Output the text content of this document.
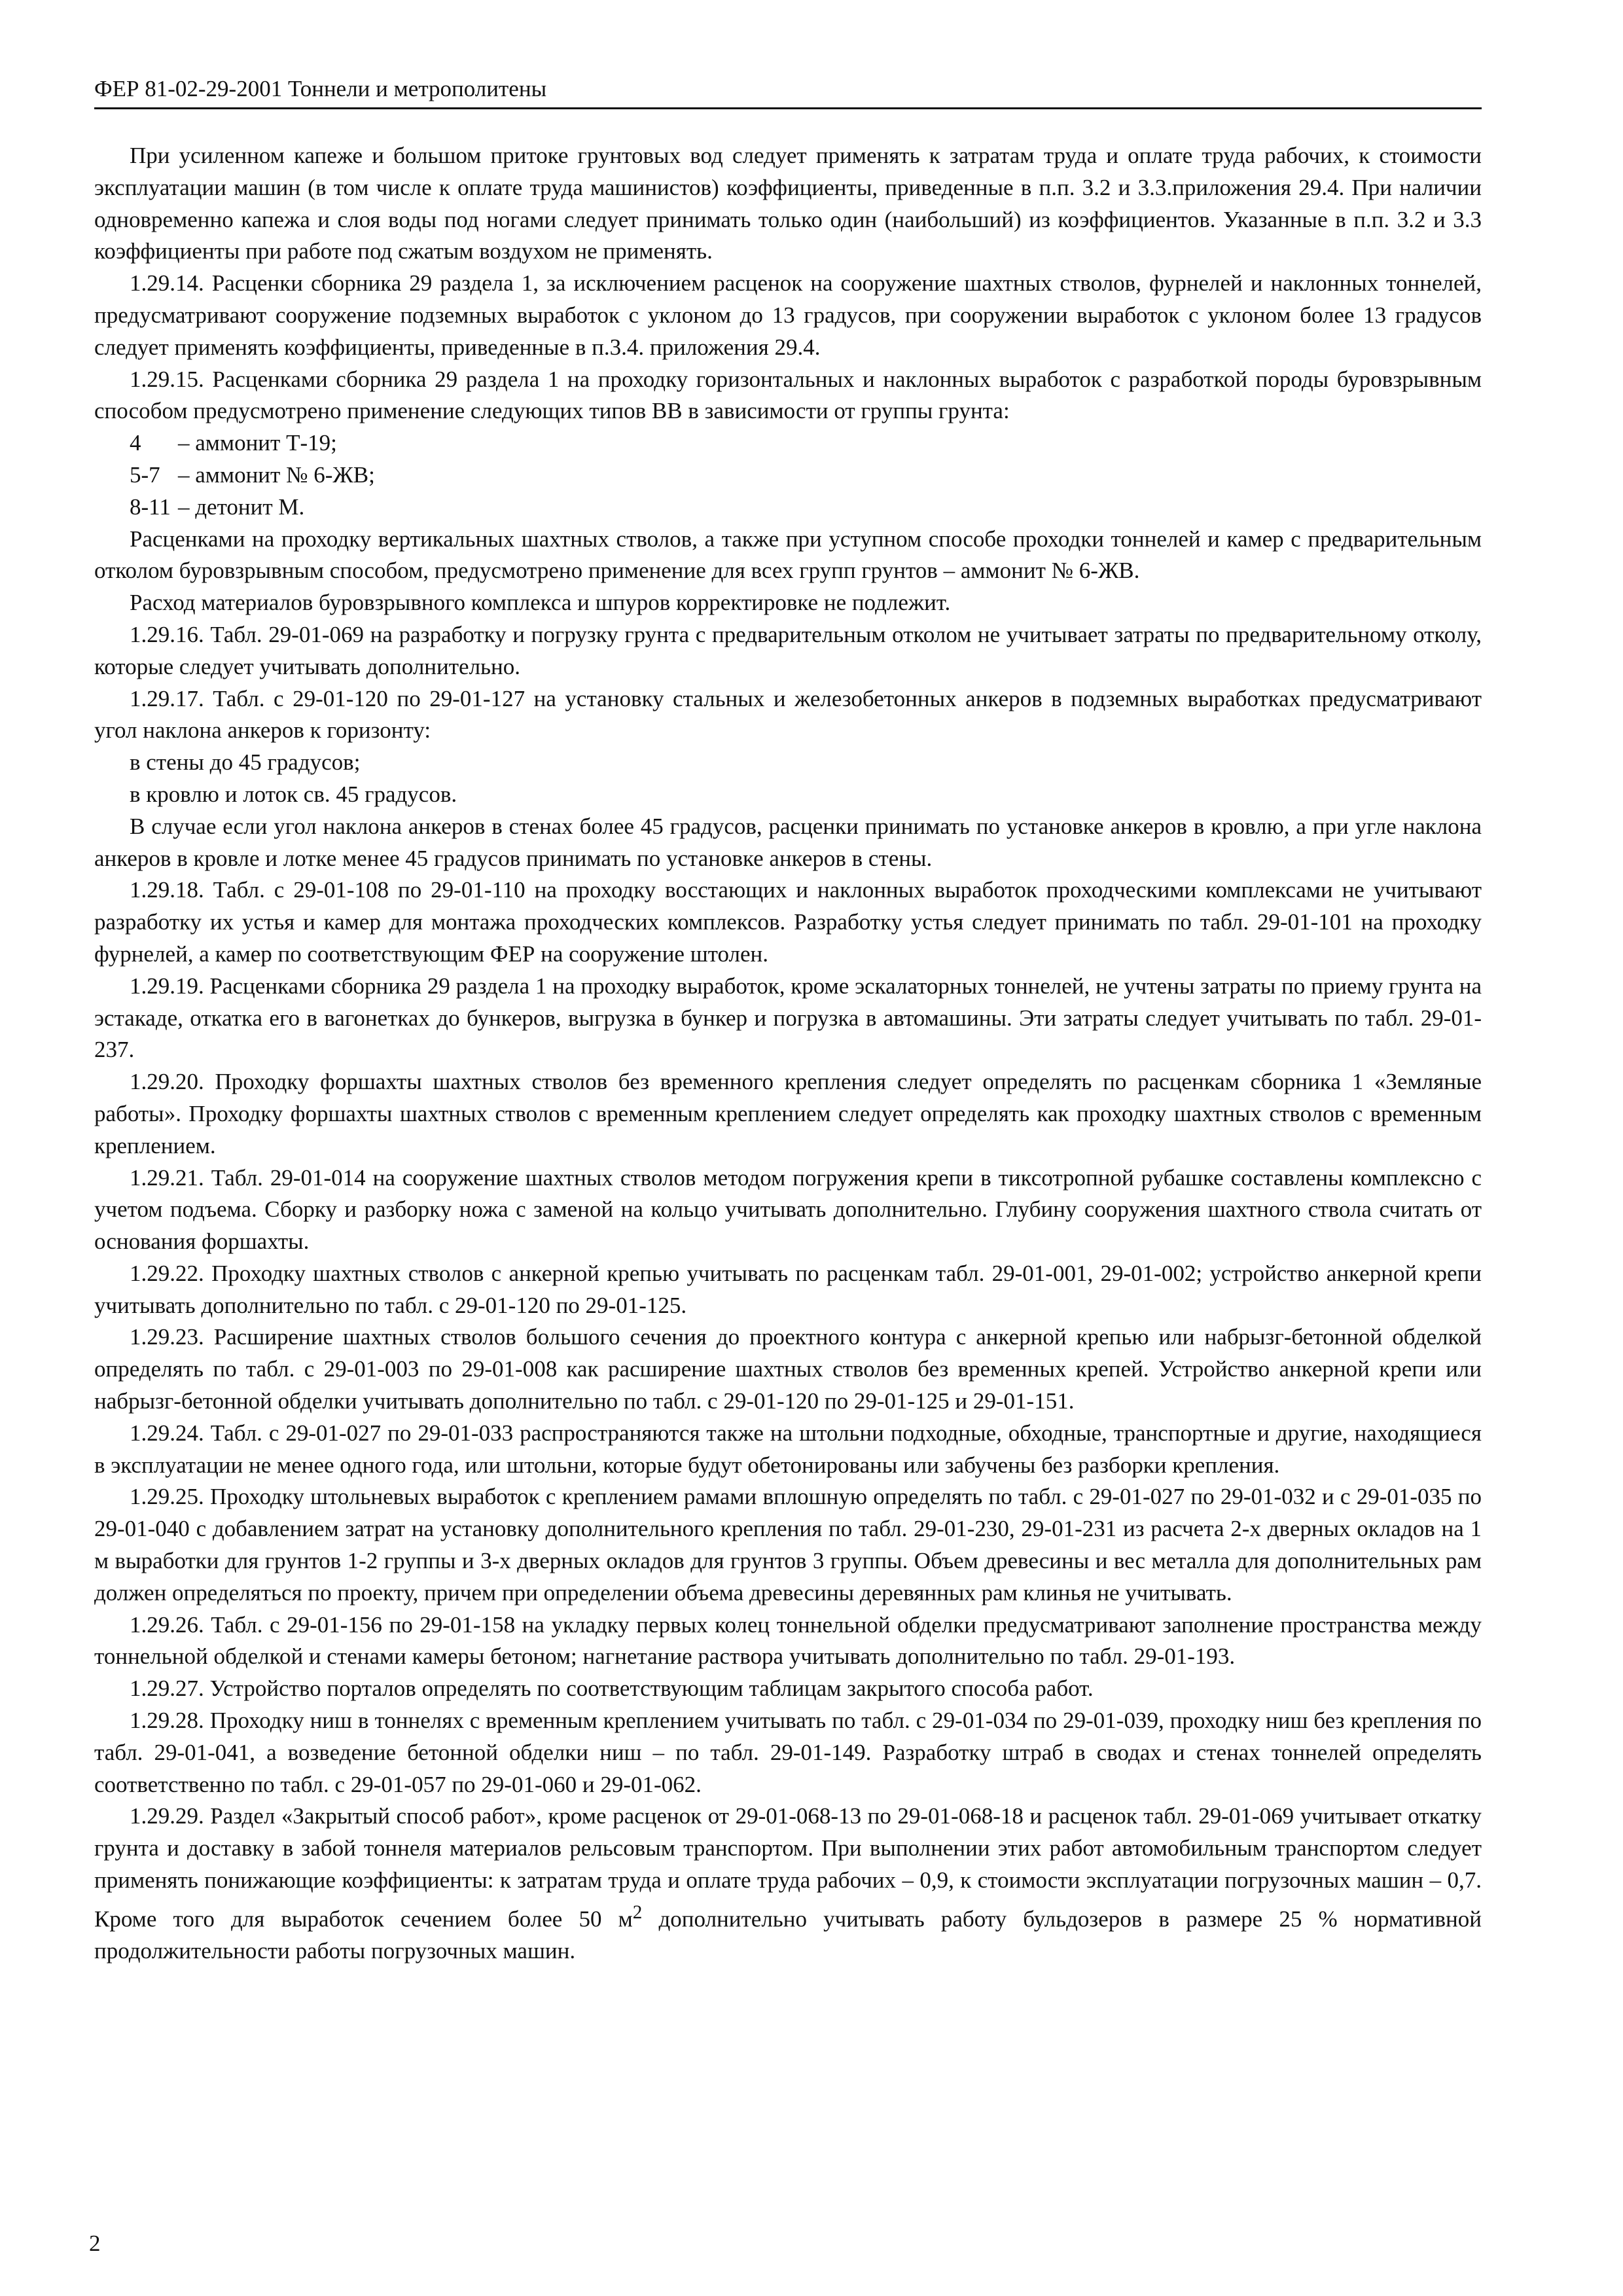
ФЕР 81-02-29-2001 Тоннели и метрополитены

При усиленном капеже и большом притоке грунтовых вод следует применять к затратам труда и оплате труда рабочих, к стоимости эксплуатации машин (в том числе к оплате труда машинистов) коэффициенты, приведенные в п.п. 3.2 и 3.3.приложения 29.4. При наличии одновременно капежа и слоя воды под ногами следует принимать только один (наибольший) из коэффициентов. Указанные в п.п. 3.2 и 3.3 коэффициенты при работе под сжатым воздухом не применять.

1.29.14. Расценки сборника 29 раздела 1, за исключением расценок на сооружение шахтных стволов, фурнелей и наклонных тоннелей, предусматривают сооружение подземных выработок с уклоном до 13 градусов, при сооружении выработок с уклоном более 13 градусов следует применять коэффициенты, приведенные в п.3.4. приложения 29.4.

1.29.15. Расценками сборника 29 раздела 1 на проходку горизонтальных и наклонных выработок с разработкой породы буровзрывным способом предусмотрено применение следующих типов ВВ в зависимости от группы грунта:

4 – аммонит Т-19;
5-7 – аммонит № 6-ЖВ;
8-11 – детонит М.

Расценками на проходку вертикальных шахтных стволов, а также при уступном способе проходки тоннелей и камер с предварительным отколом буровзрывным способом, предусмотрено применение для всех групп грунтов – аммонит № 6-ЖВ.

Расход материалов буровзрывного комплекса и шпуров корректировке не подлежит.

1.29.16. Табл. 29-01-069 на разработку и погрузку грунта с предварительным отколом не учитывает затраты по предварительному отколу, которые следует учитывать дополнительно.

1.29.17. Табл. с 29-01-120 по 29-01-127 на установку стальных и железобетонных анкеров в подземных выработках предусматривают угол наклона анкеров к горизонту:

в стены до 45 градусов;

в кровлю и лоток св. 45 градусов.

В случае если угол наклона анкеров в стенах более 45 градусов, расценки принимать по установке анкеров в кровлю, а при угле наклона анкеров в кровле и лотке менее 45 градусов принимать по установке анкеров в стены.

1.29.18. Табл. с 29-01-108 по 29-01-110 на проходку восстающих и наклонных выработок проходческими комплексами не учитывают разработку их устья и камер для монтажа проходческих комплексов. Разработку устья следует принимать по табл. 29-01-101 на проходку фурнелей, а камер по соответствующим ФЕР на сооружение штолен.

1.29.19. Расценками сборника 29 раздела 1 на проходку выработок, кроме эскалаторных тоннелей, не учтены затраты по приему грунта на эстакаде, откатка его в вагонетках до бункеров, выгрузка в бункер и погрузка в автомашины. Эти затраты следует учитывать по табл. 29-01-237.

1.29.20. Проходку форшахты шахтных стволов без временного крепления следует определять по расценкам сборника 1 «Земляные работы». Проходку форшахты шахтных стволов с временным креплением следует определять как проходку шахтных стволов с временным креплением.

1.29.21. Табл. 29-01-014 на сооружение шахтных стволов методом погружения крепи в тиксотропной рубашке составлены комплексно с учетом подъема. Сборку и разборку ножа с заменой на кольцо учитывать дополнительно. Глубину сооружения шахтного ствола считать от основания форшахты.

1.29.22. Проходку шахтных стволов с анкерной крепью учитывать по расценкам табл. 29-01-001, 29-01-002; устройство анкерной крепи учитывать дополнительно по табл. с 29-01-120 по 29-01-125.

1.29.23. Расширение шахтных стволов большого сечения до проектного контура с анкерной крепью или набрызг-бетонной обделкой определять по табл. с 29-01-003 по 29-01-008 как расширение шахтных стволов без временных крепей. Устройство анкерной крепи или набрызг-бетонной обделки учитывать дополнительно по табл. с 29-01-120 по 29-01-125 и 29-01-151.

1.29.24. Табл. с 29-01-027 по 29-01-033 распространяются также на штольни подходные, обходные, транспортные и другие, находящиеся в эксплуатации не менее одного года, или штольни, которые будут обетонированы или забучены без разборки крепления.

1.29.25. Проходку штольневых выработок с креплением рамами вплошную определять по табл. с 29-01-027 по 29-01-032 и с 29-01-035 по 29-01-040 с добавлением затрат на установку дополнительного крепления по табл. 29-01-230, 29-01-231 из расчета 2-х дверных окладов на 1 м выработки для грунтов 1-2 группы и 3-х дверных окладов для грунтов 3 группы. Объем древесины и вес металла для дополнительных рам должен определяться по проекту, причем при определении объема древесины деревянных рам клинья не учитывать.

1.29.26. Табл. с 29-01-156 по 29-01-158 на укладку первых колец тоннельной обделки предусматривают заполнение пространства между тоннельной обделкой и стенами камеры бетоном; нагнетание раствора учитывать дополнительно по табл. 29-01-193.

1.29.27. Устройство порталов определять по соответствующим таблицам закрытого способа работ.

1.29.28. Проходку ниш в тоннелях с временным креплением учитывать по табл. с 29-01-034 по 29-01-039, проходку ниш без крепления по табл. 29-01-041, а возведение бетонной обделки ниш – по табл. 29-01-149. Разработку штраб в сводах и стенах тоннелей определять соответственно по табл. с 29-01-057 по 29-01-060 и 29-01-062.

1.29.29. Раздел «Закрытый способ работ», кроме расценок от 29-01-068-13 по 29-01-068-18 и расценок табл. 29-01-069 учитывает откатку грунта и доставку в забой тоннеля материалов рельсовым транспортом. При выполнении этих работ автомобильным транспортом следует применять понижающие коэффициенты: к затратам труда и оплате труда рабочих – 0,9, к стоимости эксплуатации погрузочных машин – 0,7. Кроме того для выработок сечением более 50 $м^2$ дополнительно учитывать работу бульдозеров в размере 25 % нормативной продолжительности работы погрузочных машин.

2
